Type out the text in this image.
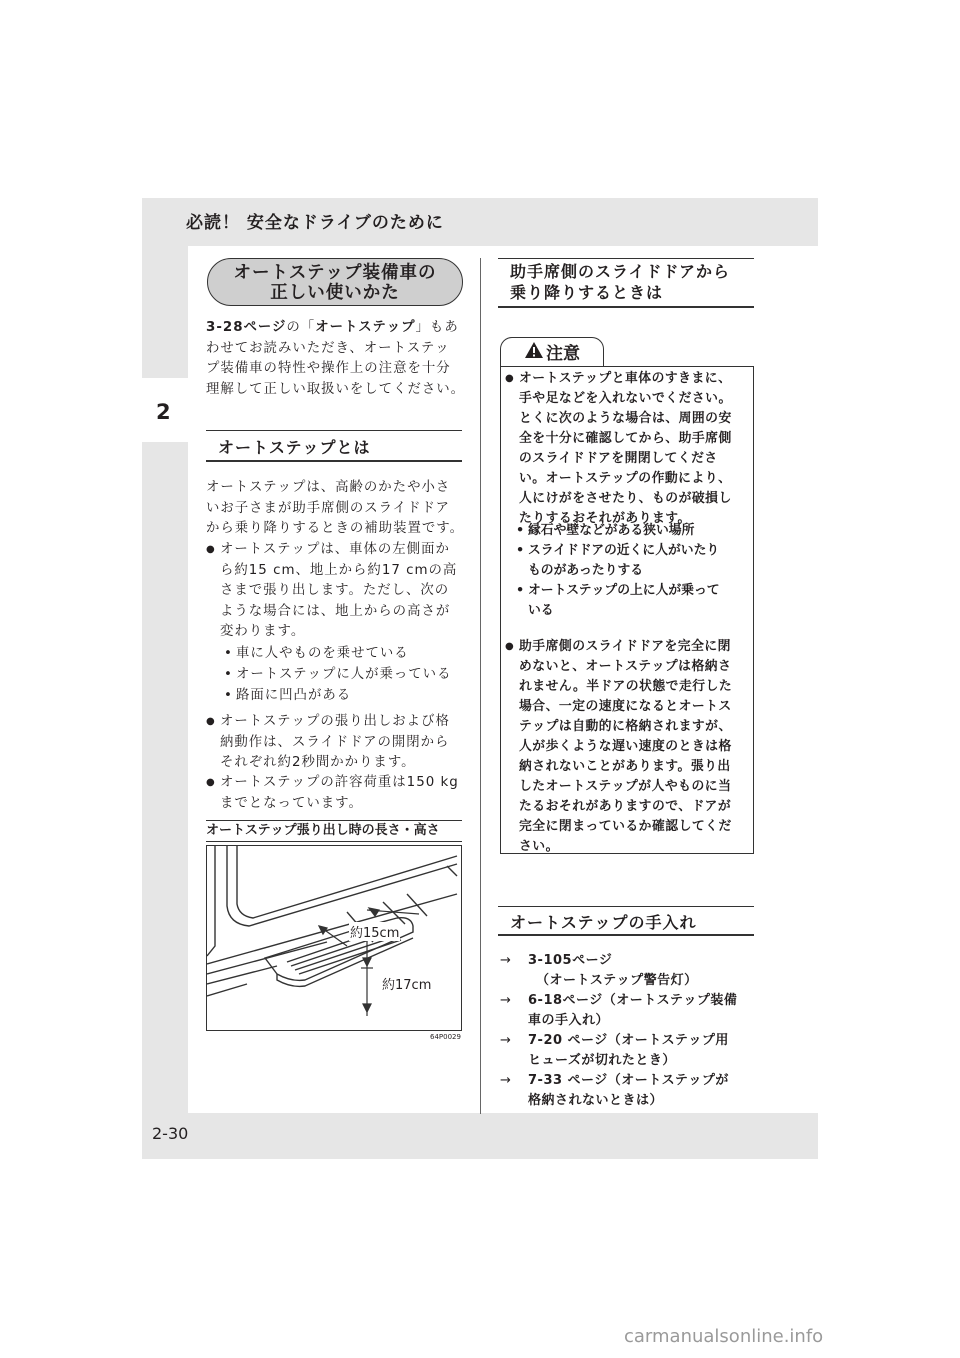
2
必読！ 安全なドライブのために
2-30
carmanualsonline.info
オートステップ装備車の
正しい使いかた
3-28ページの「オートステップ」もあ
わせてお読みいただき、オートステッ
プ装備車の特性や操作上の注意を十分
理解して正しい取扱いをしてください。
オートステップとは
オートステップは、高齢のかたや小さ
いお子さまが助手席側のスライドドア
から乗り降りするときの補助装置です。
● オートステップは、車体の左側面か
ら約15 cm、地上から約17 cmの高
さまで張り出します。ただし、次の
ような場合には、地上からの高さが
変わります。
• 車に人やものを乗せている
• オートステップに人が乗っている
• 路面に凹凸がある
● オートステップの張り出しおよび格
納動作は、スライドドアの開閉から
それぞれ約2秒間かかります。
● オートステップの許容荷重は150 kg
までとなっています。
オートステップ張り出し時の長さ・高さ
約15cm
約17cm
64P0029
助手席側のスライドドアから
乗り降りするときは
注意
● オートステップと車体のすきまに、
手や足などを入れないでください。
とくに次のような場合は、周囲の安
全を十分に確認してから、助手席側
のスライドドアを開閉してくださ
い。オートステップの作動により、
人にけがをさせたり、ものが破損し
たりするおそれがあります。
• 縁石や壁などがある狭い場所
• スライドドアの近くに人がいたり
ものがあったりする
• オートステップの上に人が乗って
いる
● 助手席側のスライドドアを完全に閉
めないと、オートステップは格納さ
れません。半ドアの状態で走行した
場合、一定の速度になるとオートス
テップは自動的に格納されますが、
人が歩くような遅い速度のときは格
納されないことがあります。張り出
したオートステップが人やものに当
たるおそれがありますので、ドアが
完全に閉まっているか確認してくだ
さい。
オートステップの手入れ
→ 3-105ページ
（オートステップ警告灯）
→ 6-18ページ（オートステップ装備
車の手入れ）
→ 7-20 ページ（オートステップ用
ヒューズが切れたとき）
→ 7-33 ページ（オートステップが
格納されないときは）
